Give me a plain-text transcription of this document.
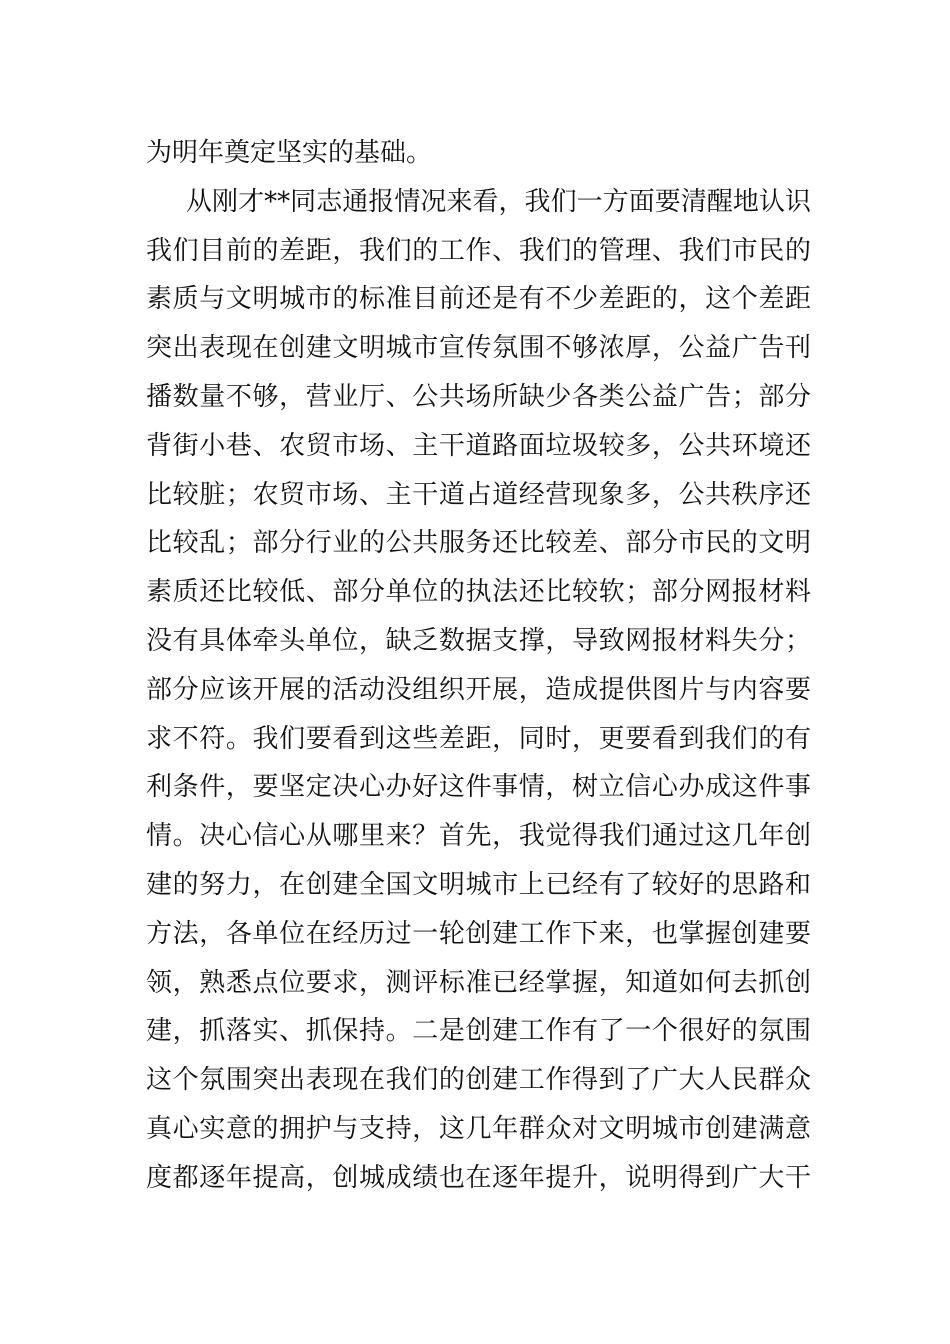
为明年奠定坚实的基础。
从刚才**同志通报情况来看，我们一方面要清醒地认识
我们目前的差距，我们的工作、我们的管理、我们市民的
素质与文明城市的标准目前还是有不少差距的，这个差距
突出表现在创建文明城市宣传氛围不够浓厚，公益广告刊
播数量不够，营业厅、公共场所缺少各类公益广告；部分
背街小巷、农贸市场、主干道路面垃圾较多，公共环境还
比较脏；农贸市场、主干道占道经营现象多，公共秩序还
比较乱；部分行业的公共服务还比较差、部分市民的文明
素质还比较低、部分单位的执法还比较软；部分网报材料
没有具体牵头单位，缺乏数据支撑，导致网报材料失分；
部分应该开展的活动没组织开展，造成提供图片与内容要
求不符。我们要看到这些差距，同时，更要看到我们的有
利条件，要坚定决心办好这件事情，树立信心办成这件事
情。决心信心从哪里来？首先，我觉得我们通过这几年创
建的努力，在创建全国文明城市上已经有了较好的思路和
方法，各单位在经历过一轮创建工作下来，也掌握创建要
领，熟悉点位要求，测评标准已经掌握，知道如何去抓创
建，抓落实、抓保持。二是创建工作有了一个很好的氛围
这个氛围突出表现在我们的创建工作得到了广大人民群众
真心实意的拥护与支持，这几年群众对文明城市创建满意
度都逐年提高，创城成绩也在逐年提升，说明得到广大干
